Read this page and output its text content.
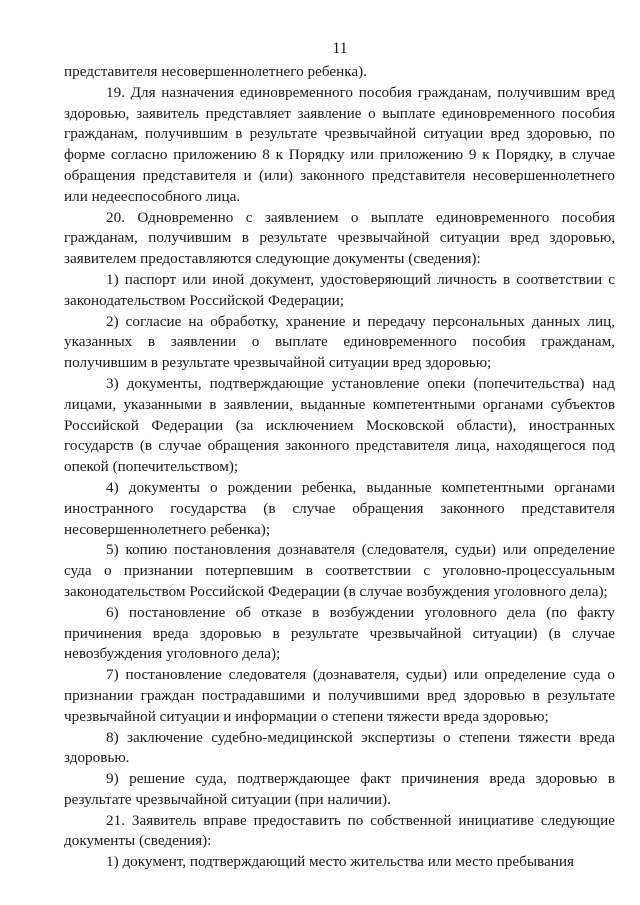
11

представителя несовершеннолетнего ребенка).

19. Для назначения единовременного пособия гражданам, получившим вред здоровью, заявитель представляет заявление о выплате единовременного пособия гражданам, получившим в результате чрезвычайной ситуации вред здоровью, по форме согласно приложению 8 к Порядку или приложению 9 к Порядку, в случае обращения представителя и (или) законного представителя несовершеннолетнего или недееспособного лица.

20. Одновременно с заявлением о выплате единовременного пособия гражданам, получившим в результате чрезвычайной ситуации вред здоровью, заявителем предоставляются следующие документы (сведения):

1) паспорт или иной документ, удостоверяющий личность в соответствии с законодательством Российской Федерации;

2) согласие на обработку, хранение и передачу персональных данных лиц, указанных в заявлении о выплате единовременного пособия гражданам, получившим в результате чрезвычайной ситуации вред здоровью;

3) документы, подтверждающие установление опеки (попечительства) над лицами, указанными в заявлении, выданные компетентными органами субъектов Российской Федерации (за исключением Московской области), иностранных государств (в случае обращения законного представителя лица, находящегося под опекой (попечительством);

4) документы о рождении ребенка, выданные компетентными органами иностранного государства (в случае обращения законного представителя несовершеннолетнего ребенка);

5) копию постановления дознавателя (следователя, судьи) или определение суда о признании потерпевшим в соответствии с уголовно-процессуальным законодательством Российской Федерации (в случае возбуждения уголовного дела);

6) постановление об отказе в возбуждении уголовного дела (по факту причинения вреда здоровью в результате чрезвычайной ситуации) (в случае невозбуждения уголовного дела);

7) постановление следователя (дознавателя, судьи) или определение суда о признании граждан пострадавшими и получившими вред здоровью в результате чрезвычайной ситуации и информации о степени тяжести вреда здоровью;

8) заключение судебно-медицинской экспертизы о степени тяжести вреда здоровью.

9) решение суда, подтверждающее факт причинения вреда здоровью в результате чрезвычайной ситуации (при наличии).

21. Заявитель вправе предоставить по собственной инициативе следующие документы (сведения):

1) документ, подтверждающий место жительства или место пребывания
